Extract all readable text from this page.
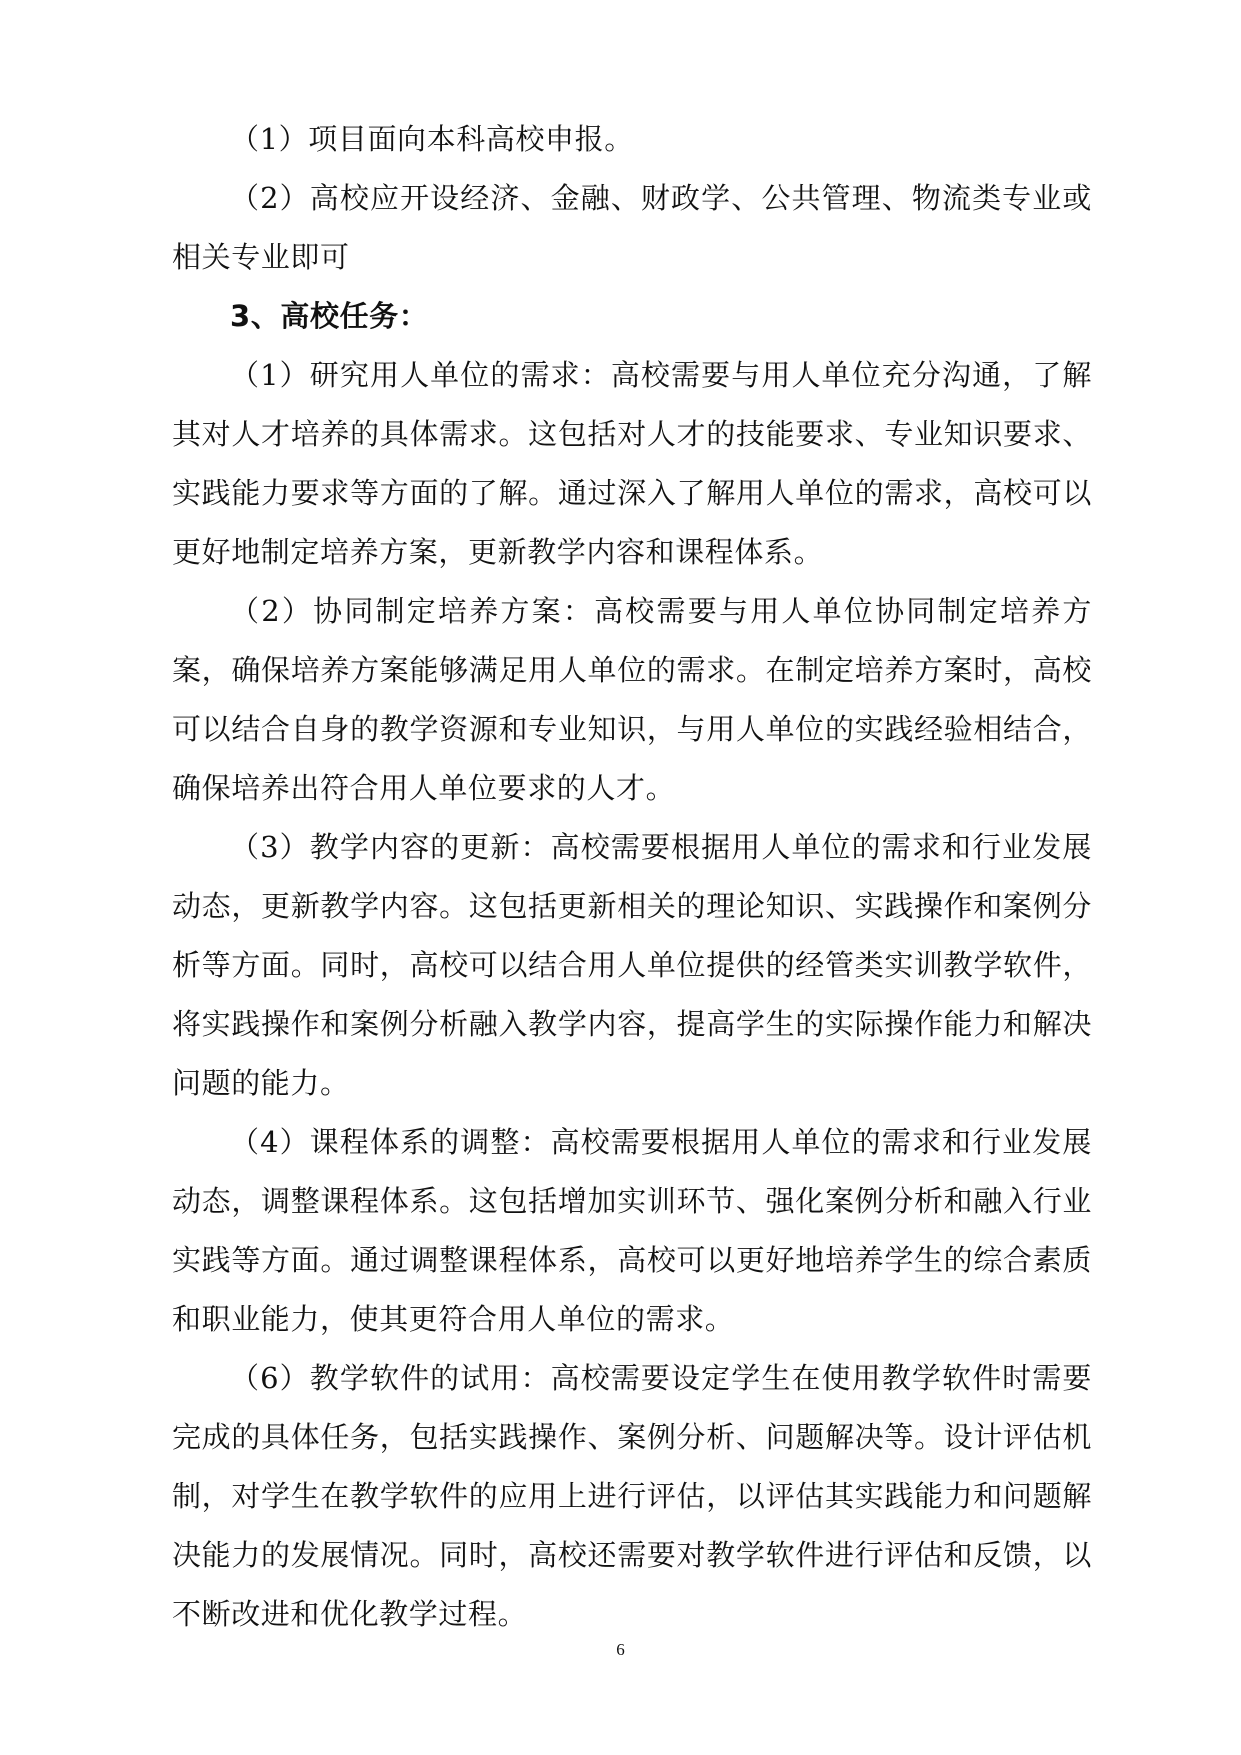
（1）项目面向本科高校申报。

（2）高校应开设经济、金融、财政学、公共管理、物流类专业或相关专业即可

3、高校任务：

（1）研究用人单位的需求：高校需要与用人单位充分沟通，了解其对人才培养的具体需求。这包括对人才的技能要求、专业知识要求、实践能力要求等方面的了解。通过深入了解用人单位的需求，高校可以更好地制定培养方案，更新教学内容和课程体系。

（2）协同制定培养方案：高校需要与用人单位协同制定培养方案，确保培养方案能够满足用人单位的需求。在制定培养方案时，高校可以结合自身的教学资源和专业知识，与用人单位的实践经验相结合，确保培养出符合用人单位要求的人才。

（3）教学内容的更新：高校需要根据用人单位的需求和行业发展动态，更新教学内容。这包括更新相关的理论知识、实践操作和案例分析等方面。同时，高校可以结合用人单位提供的经管类实训教学软件，将实践操作和案例分析融入教学内容，提高学生的实际操作能力和解决问题的能力。

（4）课程体系的调整：高校需要根据用人单位的需求和行业发展动态，调整课程体系。这包括增加实训环节、强化案例分析和融入行业实践等方面。通过调整课程体系，高校可以更好地培养学生的综合素质和职业能力，使其更符合用人单位的需求。

（6）教学软件的试用：高校需要设定学生在使用教学软件时需要完成的具体任务，包括实践操作、案例分析、问题解决等。设计评估机制，对学生在教学软件的应用上进行评估，以评估其实践能力和问题解决能力的发展情况。同时，高校还需要对教学软件进行评估和反馈，以不断改进和优化教学过程。

6
